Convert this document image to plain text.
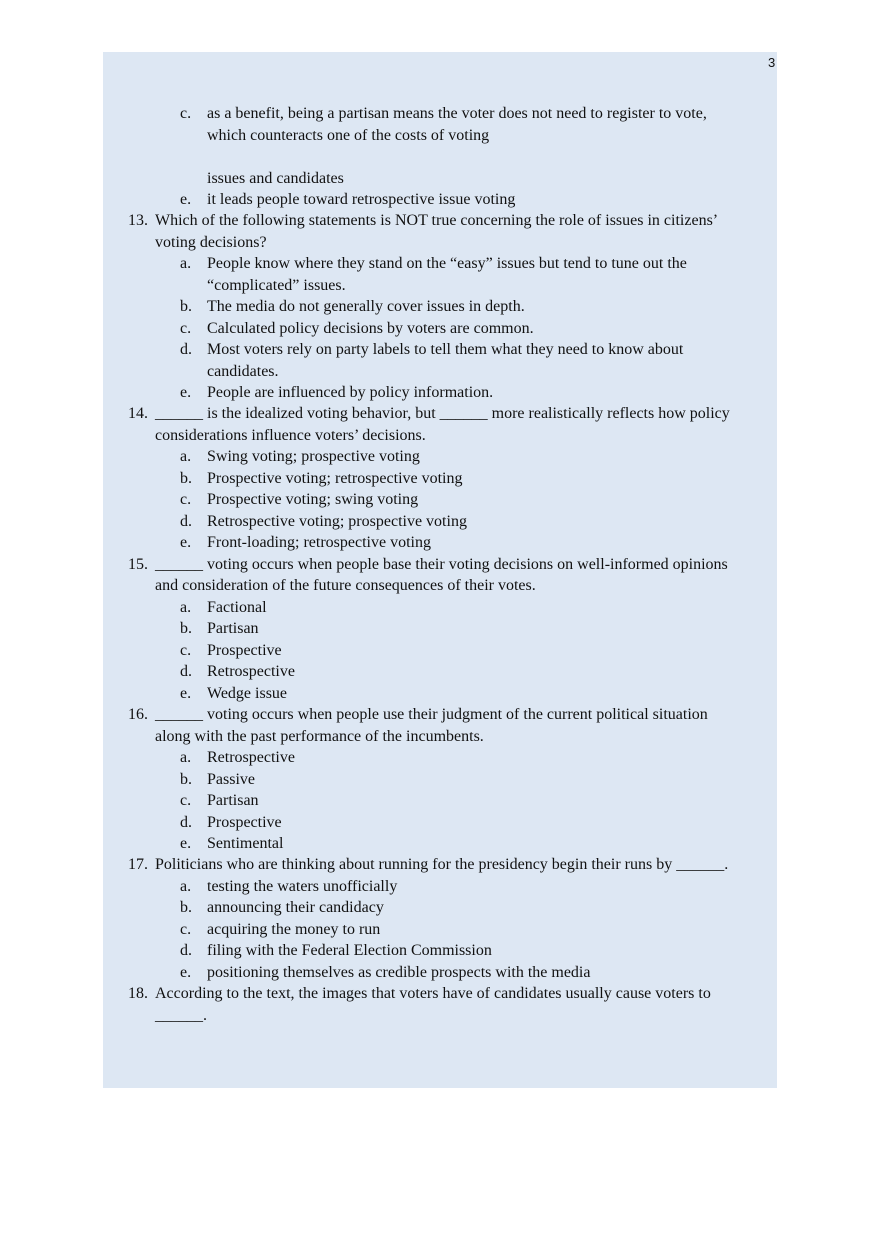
3
c. as a benefit, being a partisan means the voter does not need to register to vote,
which counteracts one of the costs of voting
issues and candidates
e. it leads people toward retrospective issue voting
13. Which of the following statements is NOT true concerning the role of issues in citizens’
voting decisions?
a. People know where they stand on the “easy” issues but tend to tune out the
“complicated” issues.
b. The media do not generally cover issues in depth.
c. Calculated policy decisions by voters are common.
d. Most voters rely on party labels to tell them what they need to know about
candidates.
e. People are influenced by policy information.
14. ______ is the idealized voting behavior, but ______ more realistically reflects how policy
considerations influence voters’ decisions.
a. Swing voting; prospective voting
b. Prospective voting; retrospective voting
c. Prospective voting; swing voting
d. Retrospective voting; prospective voting
e. Front-loading; retrospective voting
15. ______ voting occurs when people base their voting decisions on well-informed opinions
and consideration of the future consequences of their votes.
a. Factional
b. Partisan
c. Prospective
d. Retrospective
e. Wedge issue
16. ______ voting occurs when people use their judgment of the current political situation
along with the past performance of the incumbents.
a. Retrospective
b. Passive
c. Partisan
d. Prospective
e. Sentimental
17. Politicians who are thinking about running for the presidency begin their runs by ______.
a. testing the waters unofficially
b. announcing their candidacy
c. acquiring the money to run
d. filing with the Federal Election Commission
e. positioning themselves as credible prospects with the media
18. According to the text, the images that voters have of candidates usually cause voters to
______.
